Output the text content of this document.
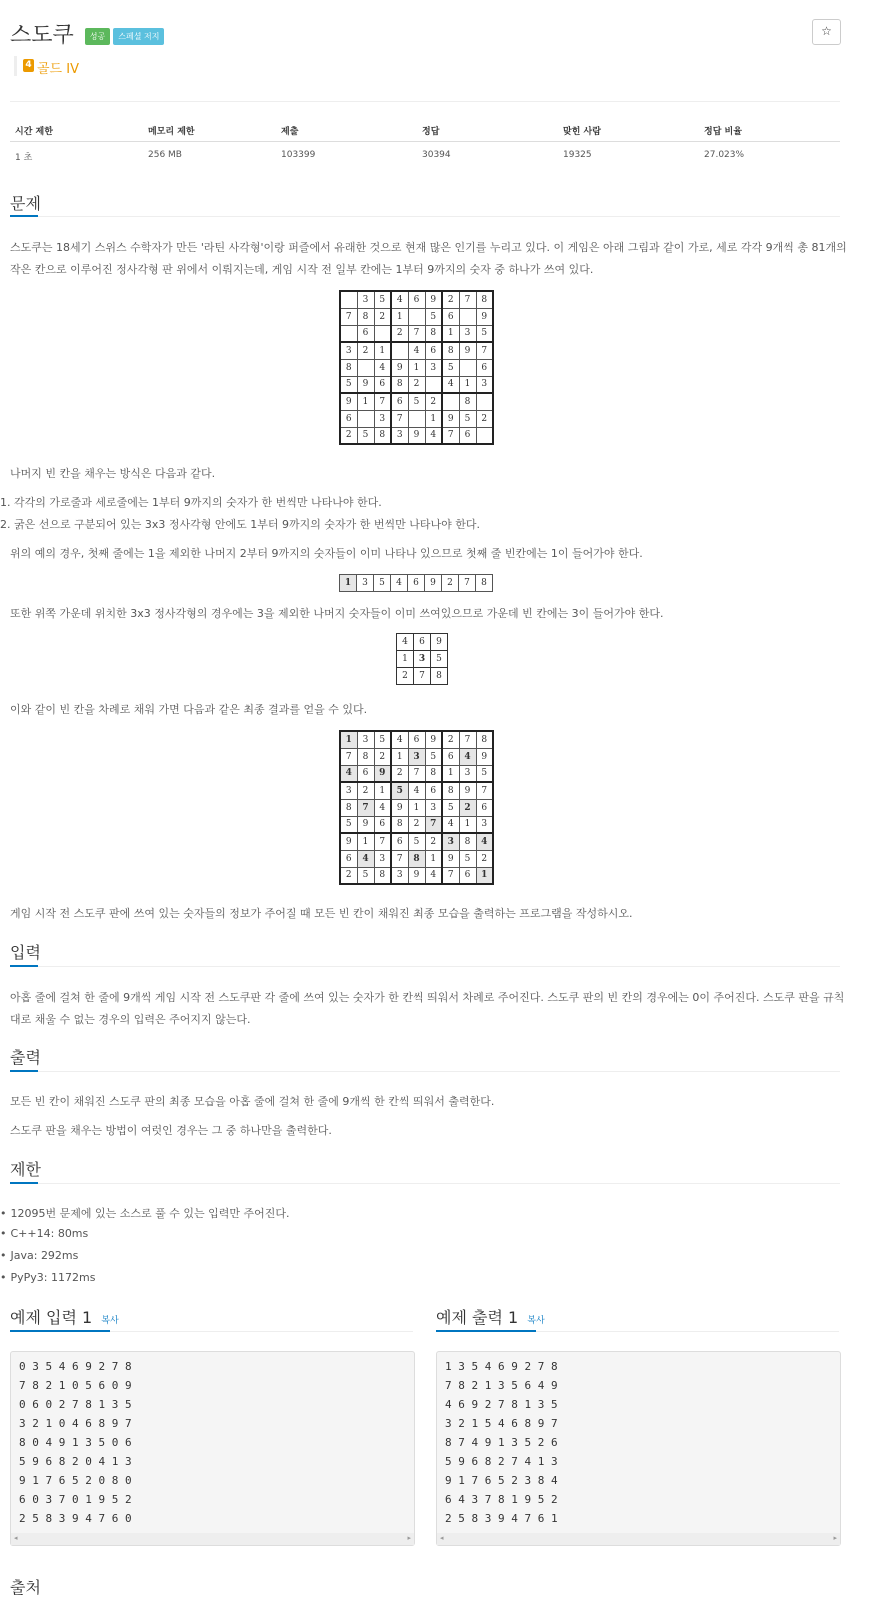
스도쿠 성공 스페셜 저지	☆
4 골드 IV
시간 제한	메모리 제한	제출	정답	맞힌 사람	정답 비율
1 초	256 MB	103399	30394	19325	27.023%
문제
스도쿠는 18세기 스위스 수학자가 만든 '라틴 사각형'이랑 퍼즐에서 유래한 것으로 현재 많은 인기를 누리고 있다. 이 게임은 아래 그림과 같이 가로, 세로 각각 9개씩 총 81개의
작은 칸으로 이루어진 정사각형 판 위에서 이뤄지는데, 게임 시작 전 일부 칸에는 1부터 9까지의 숫자 중 하나가 쓰여 있다.
	3	5	4	6	9	2	7	8
7	8	2	1		5	6		9
	6		2	7	8	1	3	5
3	2	1		4	6	8	9	7
8		4	9	1	3	5		6
5	9	6	8	2		4	1	3
9	1	7	6	5	2		8	
6		3	7		1	9	5	2
2	5	8	3	9	4	7	6	
나머지 빈 칸을 채우는 방식은 다음과 같다.
1. 각각의 가로줄과 세로줄에는 1부터 9까지의 숫자가 한 번씩만 나타나야 한다.
2. 굵은 선으로 구분되어 있는 3x3 정사각형 안에도 1부터 9까지의 숫자가 한 번씩만 나타나야 한다.
위의 예의 경우, 첫째 줄에는 1을 제외한 나머지 2부터 9까지의 숫자들이 이미 나타나 있으므로 첫째 줄 빈칸에는 1이 들어가야 한다.
1	3	5	4	6	9	2	7	8
또한 위쪽 가운데 위치한 3x3 정사각형의 경우에는 3을 제외한 나머지 숫자들이 이미 쓰여있으므로 가운데 빈 칸에는 3이 들어가야 한다.
4	6	9
1	3	5
2	7	8
이와 같이 빈 칸을 차례로 채워 가면 다음과 같은 최종 결과를 얻을 수 있다.
1	3	5	4	6	9	2	7	8
7	8	2	1	3	5	6	4	9
4	6	9	2	7	8	1	3	5
3	2	1	5	4	6	8	9	7
8	7	4	9	1	3	5	2	6
5	9	6	8	2	7	4	1	3
9	1	7	6	5	2	3	8	4
6	4	3	7	8	1	9	5	2
2	5	8	3	9	4	7	6	1
게임 시작 전 스도쿠 판에 쓰여 있는 숫자들의 정보가 주어질 때 모든 빈 칸이 채워진 최종 모습을 출력하는 프로그램을 작성하시오.
입력
아홉 줄에 걸쳐 한 줄에 9개씩 게임 시작 전 스도쿠판 각 줄에 쓰여 있는 숫자가 한 칸씩 띄워서 차례로 주어진다. 스도쿠 판의 빈 칸의 경우에는 0이 주어진다. 스도쿠 판을 규칙
대로 채울 수 없는 경우의 입력은 주어지지 않는다.
출력
모든 빈 칸이 채워진 스도쿠 판의 최종 모습을 아홉 줄에 걸쳐 한 줄에 9개씩 한 칸씩 띄워서 출력한다.
스도쿠 판을 채우는 방법이 여럿인 경우는 그 중 하나만을 출력한다.
제한
• 12095번 문제에 있는 소스로 풀 수 있는 입력만 주어진다.
• C++14: 80ms
• Java: 292ms
• PyPy3: 1172ms
예제 입력 1 복사
◂	▸
0 3 5 4 6 9 2 7 8
7 8 2 1 0 5 6 0 9
0 6 0 2 7 8 1 3 5
3 2 1 0 4 6 8 9 7
8 0 4 9 1 3 5 0 6
5 9 6 8 2 0 4 1 3
9 1 7 6 5 2 0 8 0
6 0 3 7 0 1 9 5 2
2 5 8 3 9 4 7 6 0
예제 출력 1 복사
◂	▸
1 3 5 4 6 9 2 7 8
7 8 2 1 3 5 6 4 9
4 6 9 2 7 8 1 3 5
3 2 1 5 4 6 8 9 7
8 7 4 9 1 3 5 2 6
5 9 6 8 2 7 4 1 3
9 1 7 6 5 2 3 8 4
6 4 3 7 8 1 9 5 2
2 5 8 3 9 4 7 6 1
출처
